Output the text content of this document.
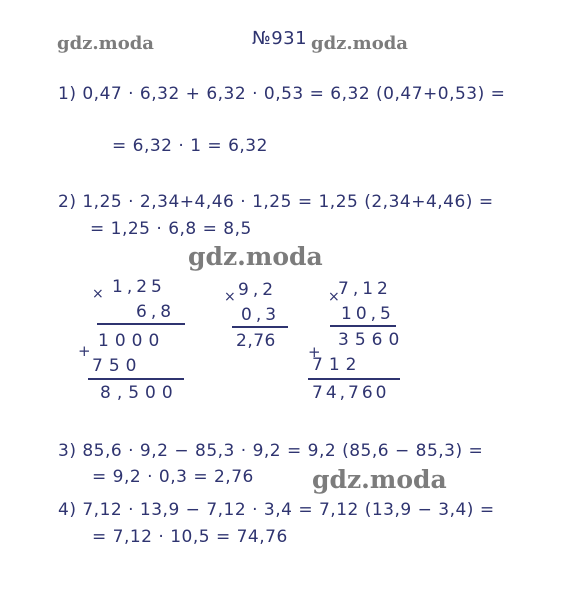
№931
gdz.moda	gdz.moda
gdz.moda
gdz.moda
1) 0,47 · 6,32 + 6,32 · 0,53 = 6,32 (0,47+0,53) =
= 6,32 · 1 = 6,32
2) 1,25 · 2,34+4,46 · 1,25 = 1,25 (2,34+4,46) =
= 1,25 · 6,8 = 8,5
× 1,25
6,8
+ 1000
750
8,500
× 9,2
0,3
2,76
×
7,12
10,5
3560
+
712
74,760
3) 85,6 · 9,2 − 85,3 · 9,2 = 9,2 (85,6 − 85,3) =
= 9,2 · 0,3 = 2,76
4) 7,12 · 13,9 − 7,12 · 3,4 = 7,12 (13,9 − 3,4) =
= 7,12 · 10,5 = 74,76
